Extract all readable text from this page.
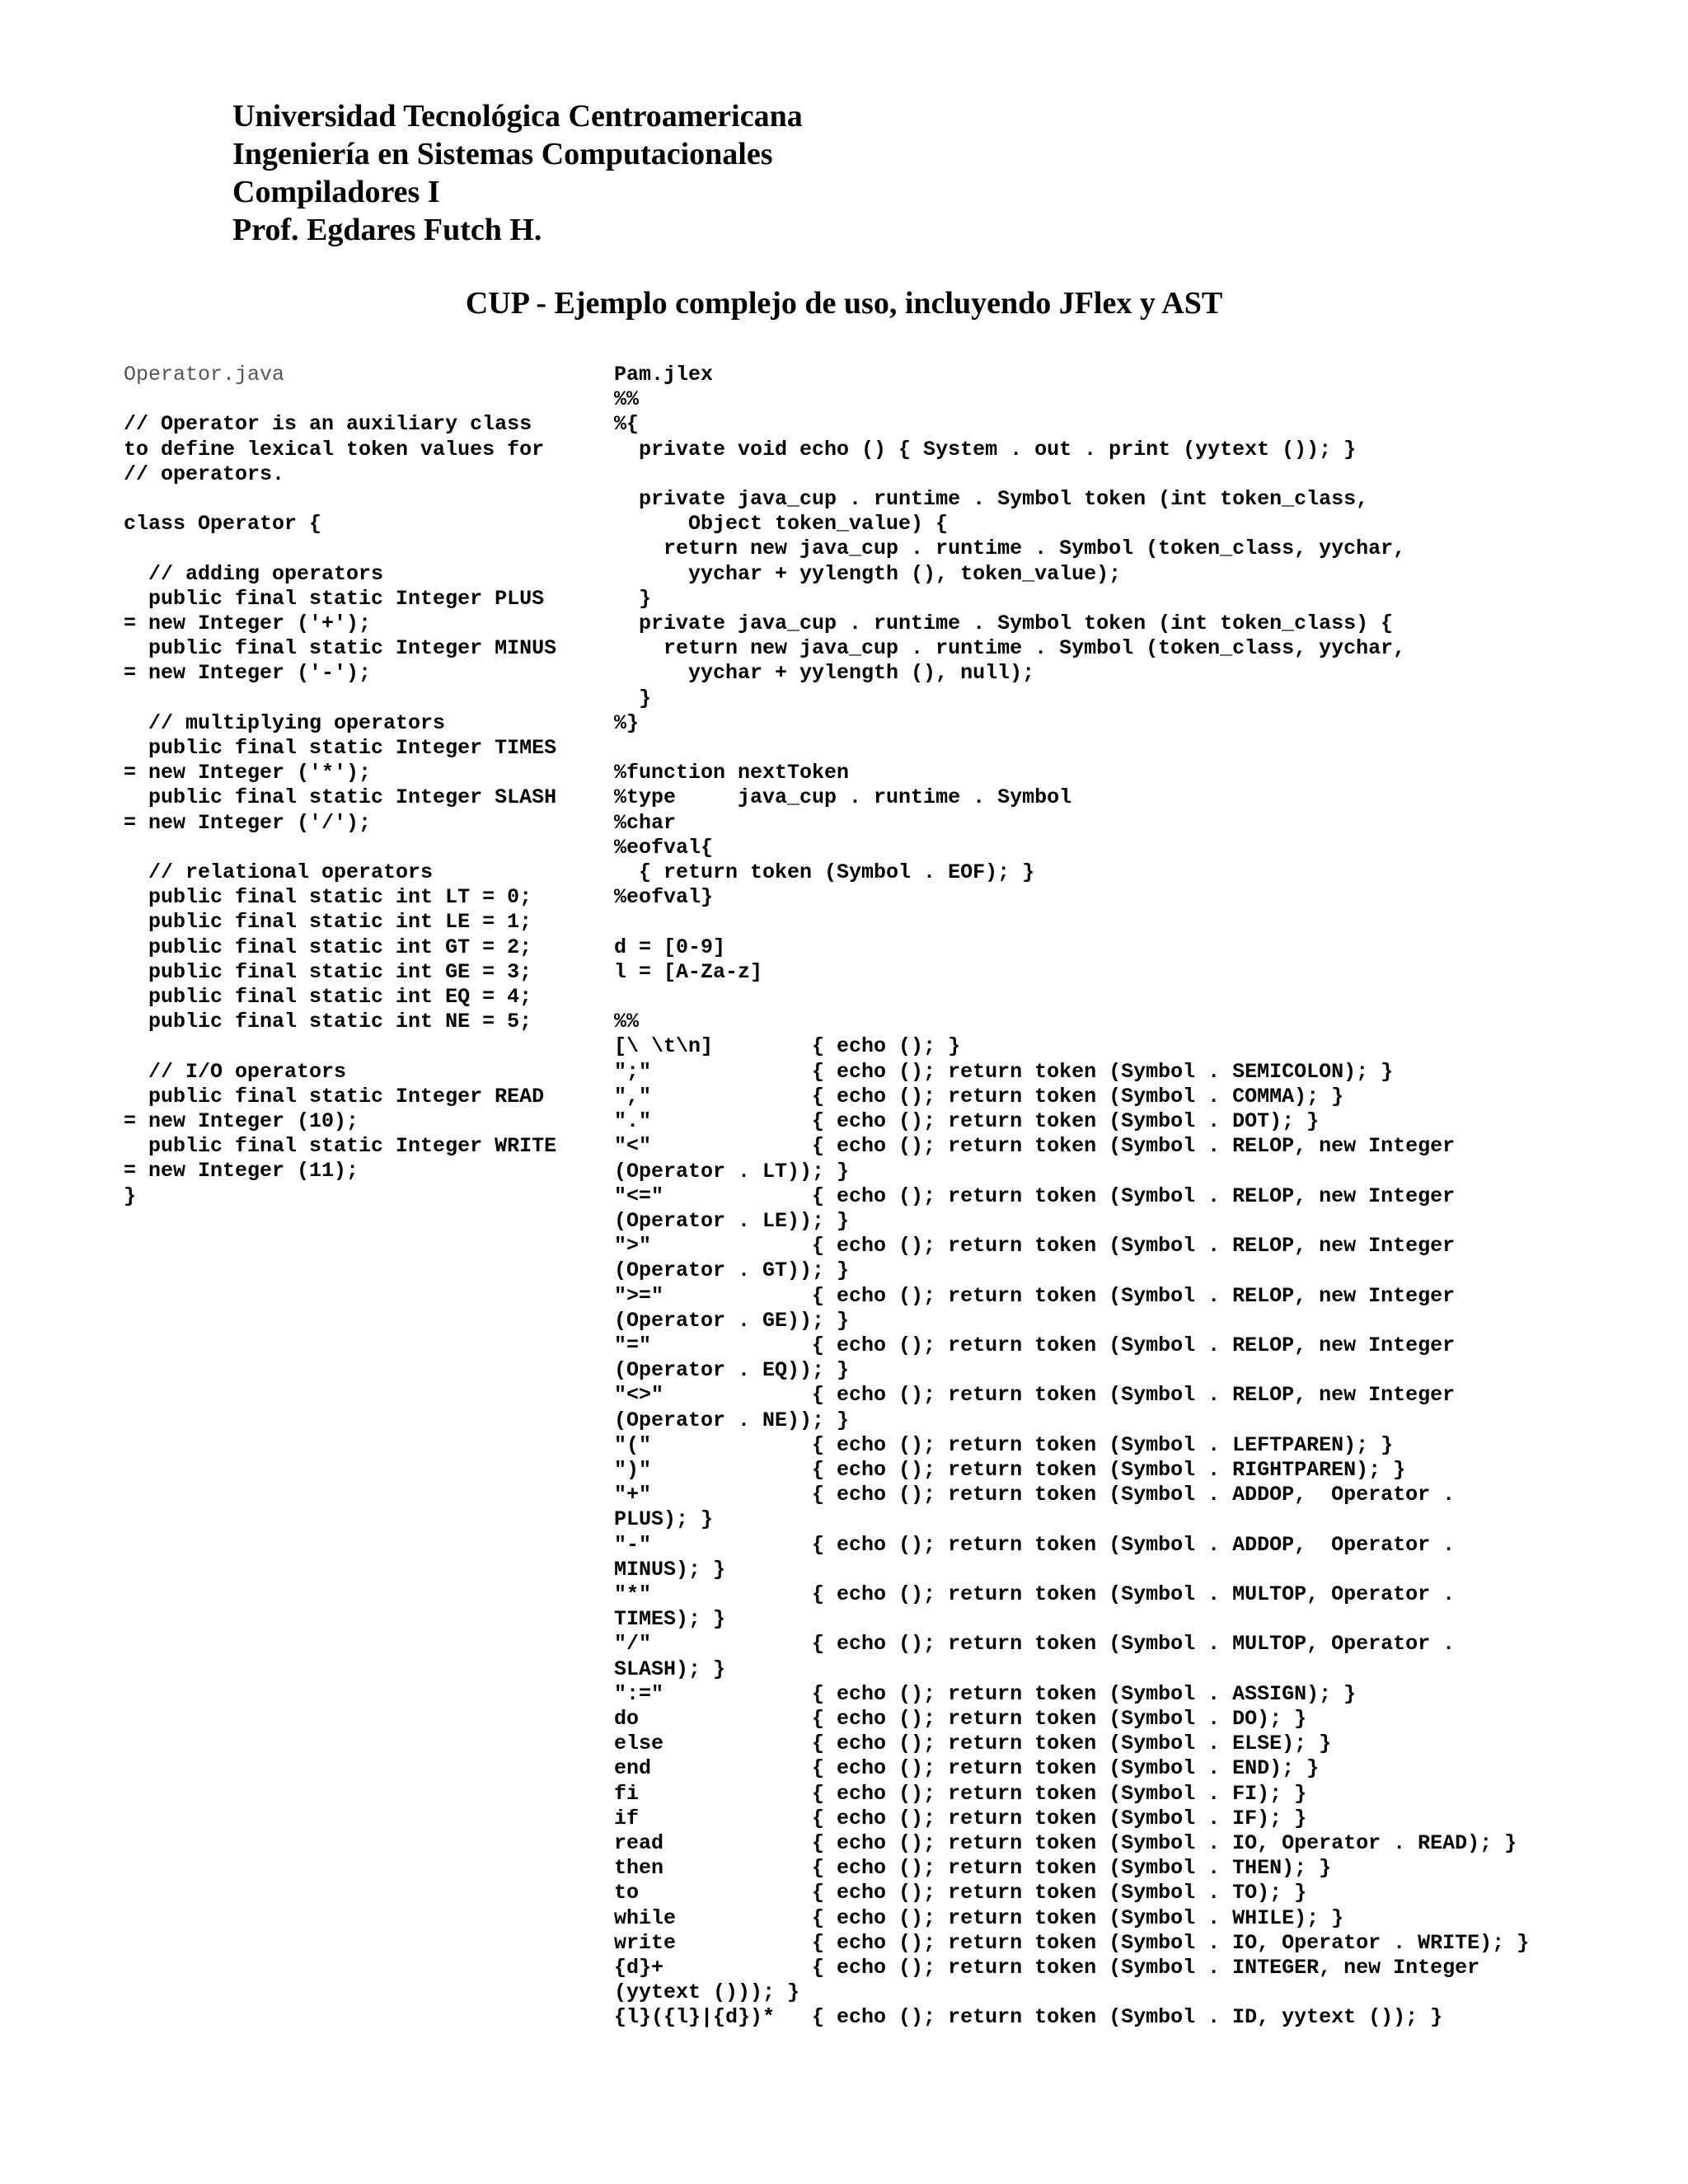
Universidad Tecnológica Centroamericana
Ingeniería en Sistemas Computacionales
Compiladores I
Prof. Egdares Futch H.
CUP - Ejemplo complejo de uso, incluyendo JFlex y AST
Operator.java
// Operator is an auxiliary class
to define lexical token values for
// operators.

class Operator {

// adding operators
public final static Integer PLUS
= new Integer ('+');
public final static Integer MINUS
= new Integer ('-');

// multiplying operators
public final static Integer TIMES
= new Integer ('*');
public final static Integer SLASH
= new Integer ('/');

// relational operators
public final static int LT = 0;
public final static int LE = 1;
public final static int GT = 2;
public final static int GE = 3;
public final static int EQ = 4;
public final static int NE = 5;

// I/O operators
public final static Integer READ
= new Integer (10);
public final static Integer WRITE
= new Integer (11);
}
Pam.jlex
%%
%{
private void echo () { System . out . print (yytext ()); }

private java_cup . runtime . Symbol token (int token_class,
Object token_value) {
return new java_cup . runtime . Symbol (token_class, yychar,
yychar + yylength (), token_value);
}
private java_cup . runtime . Symbol token (int token_class) {
return new java_cup . runtime . Symbol (token_class, yychar,
yychar + yylength (), null);
}
%}

%function nextToken
%type     java_cup . runtime . Symbol
%char
%eofval{
{ return token (Symbol . EOF); }
%eofval}

d = [0-9]
l = [A-Za-z]

%%
[\ \t\n]        { echo (); }
";"             { echo (); return token (Symbol . SEMICOLON); }
","             { echo (); return token (Symbol . COMMA); }
"."             { echo (); return token (Symbol . DOT); }
"<"             { echo (); return token (Symbol . RELOP, new Integer
(Operator . LT)); }
"<="            { echo (); return token (Symbol . RELOP, new Integer
(Operator . LE)); }
">"             { echo (); return token (Symbol . RELOP, new Integer
(Operator . GT)); }
">="            { echo (); return token (Symbol . RELOP, new Integer
(Operator . GE)); }
"="             { echo (); return token (Symbol . RELOP, new Integer
(Operator . EQ)); }
"<>"            { echo (); return token (Symbol . RELOP, new Integer
(Operator . NE)); }
"("             { echo (); return token (Symbol . LEFTPAREN); }
")"             { echo (); return token (Symbol . RIGHTPAREN); }
"+"             { echo (); return token (Symbol . ADDOP,  Operator .
PLUS); }
"-"             { echo (); return token (Symbol . ADDOP,  Operator .
MINUS); }
"*"             { echo (); return token (Symbol . MULTOP, Operator .
TIMES); }
"/"             { echo (); return token (Symbol . MULTOP, Operator .
SLASH); }
":="            { echo (); return token (Symbol . ASSIGN); }
do              { echo (); return token (Symbol . DO); }
else            { echo (); return token (Symbol . ELSE); }
end             { echo (); return token (Symbol . END); }
fi              { echo (); return token (Symbol . FI); }
if              { echo (); return token (Symbol . IF); }
read            { echo (); return token (Symbol . IO, Operator . READ); }
then            { echo (); return token (Symbol . THEN); }
to              { echo (); return token (Symbol . TO); }
while           { echo (); return token (Symbol . WHILE); }
write           { echo (); return token (Symbol . IO, Operator . WRITE); }
{d}+            { echo (); return token (Symbol . INTEGER, new Integer
(yytext ())); }
{l}({l}|{d})*   { echo (); return token (Symbol . ID, yytext ()); }
